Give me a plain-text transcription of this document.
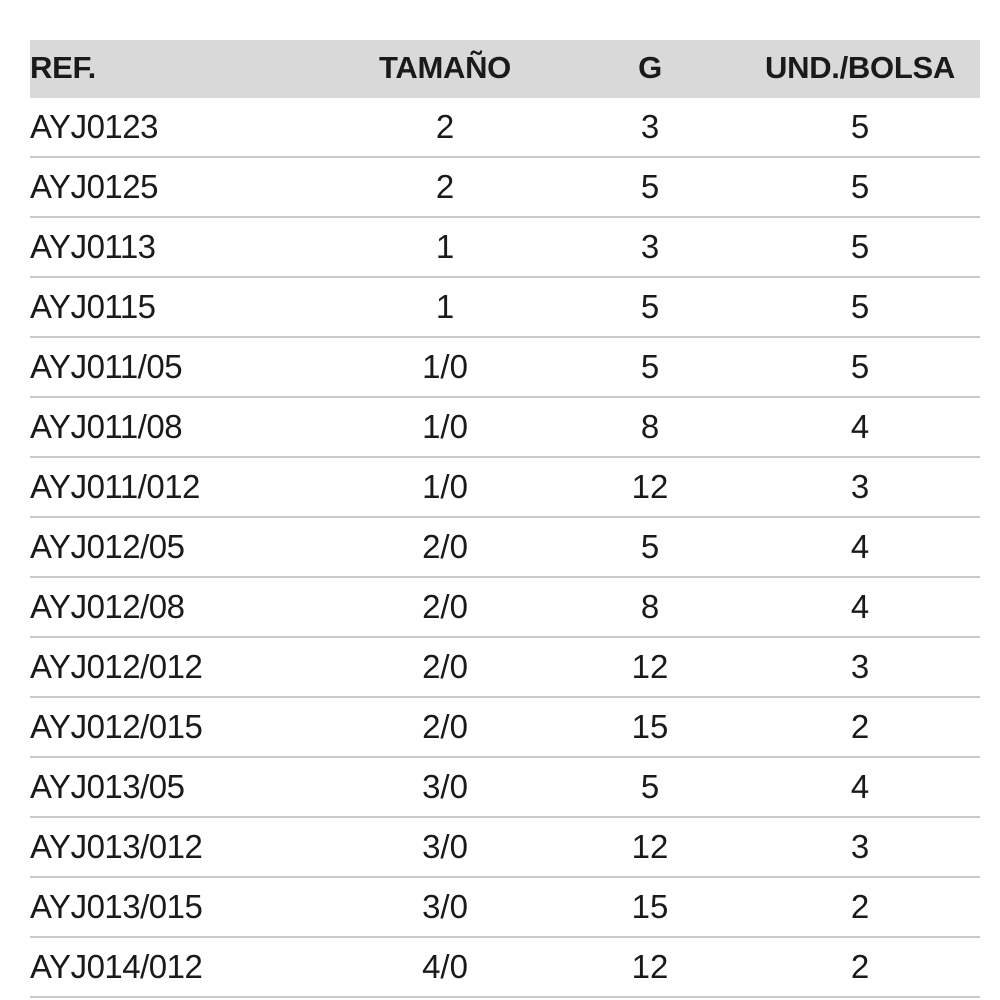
REF.	TAMAÑO	G	UND./BOLSA
AYJ0123	2	3	5
AYJ0125	2	5	5
AYJ0113	1	3	5
AYJ0115	1	5	5
AYJ011/05	1/0	5	5
AYJ011/08	1/0	8	4
AYJ011/012	1/0	12	3
AYJ012/05	2/0	5	4
AYJ012/08	2/0	8	4
AYJ012/012	2/0	12	3
AYJ012/015	2/0	15	2
AYJ013/05	3/0	5	4
AYJ013/012	3/0	12	3
AYJ013/015	3/0	15	2
AYJ014/012	4/0	12	2
